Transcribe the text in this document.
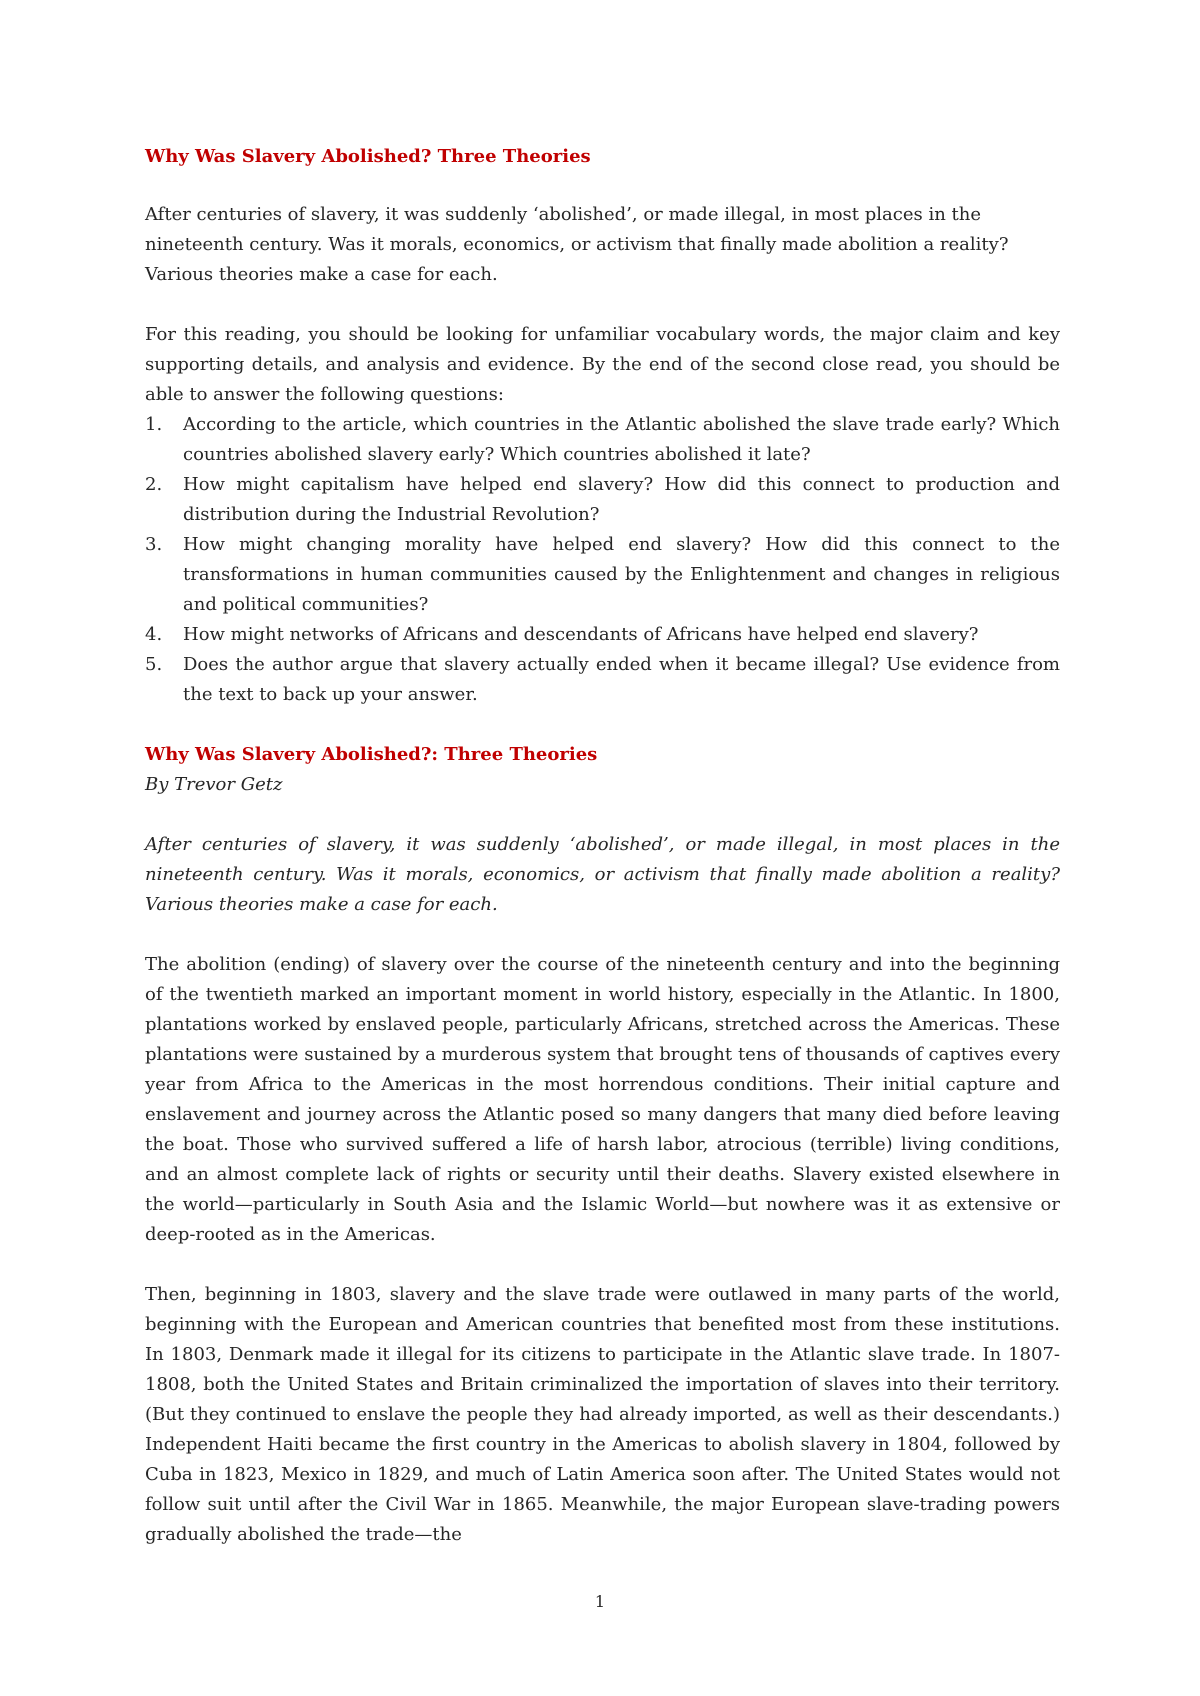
Why Was Slavery Abolished? Three Theories

After centuries of slavery, it was suddenly ‘abolished’, or made illegal, in most places in the nineteenth century. Was it morals, economics, or activism that finally made abolition a reality? Various theories make a case for each.

For this reading, you should be looking for unfamiliar vocabulary words, the major claim and key supporting details, and analysis and evidence. By the end of the second close read, you should be able to answer the following questions:

1. According to the article, which countries in the Atlantic abolished the slave trade early? Which countries abolished slavery early? Which countries abolished it late?
2. How might capitalism have helped end slavery? How did this connect to production and distribution during the Industrial Revolution?
3. How might changing morality have helped end slavery? How did this connect to the transformations in human communities caused by the Enlightenment and changes in religious and political communities?
4. How might networks of Africans and descendants of Africans have helped end slavery?
5. Does the author argue that slavery actually ended when it became illegal? Use evidence from the text to back up your answer.
Why Was Slavery Abolished?: Three Theories

By Trevor Getz

After centuries of slavery, it was suddenly ‘abolished’, or made illegal, in most places in the nineteenth century. Was it morals, economics, or activism that finally made abolition a reality? Various theories make a case for each.

The abolition (ending) of slavery over the course of the nineteenth century and into the beginning of the twentieth marked an important moment in world history, especially in the Atlantic. In 1800, plantations worked by enslaved people, particularly Africans, stretched across the Americas. These plantations were sustained by a murderous system that brought tens of thousands of captives every year from Africa to the Americas in the most horrendous conditions. Their initial capture and enslavement and journey across the Atlantic posed so many dangers that many died before leaving the boat. Those who survived suffered a life of harsh labor, atrocious (terrible) living conditions, and an almost complete lack of rights or security until their deaths. Slavery existed elsewhere in the world—particularly in South Asia and the Islamic World—but nowhere was it as extensive or deep-rooted as in the Americas.

Then, beginning in 1803, slavery and the slave trade were outlawed in many parts of the world, beginning with the European and American countries that benefited most from these institutions. In 1803, Denmark made it illegal for its citizens to participate in the Atlantic slave trade. In 1807-1808, both the United States and Britain criminalized the importation of slaves into their territory. (But they continued to enslave the people they had already imported, as well as their descendants.) Independent Haiti became the first country in the Americas to abolish slavery in 1804, followed by Cuba in 1823, Mexico in 1829, and much of Latin America soon after. The United States would not follow suit until after the Civil War in 1865. Meanwhile, the major European slave-trading powers gradually abolished the trade—the

1
